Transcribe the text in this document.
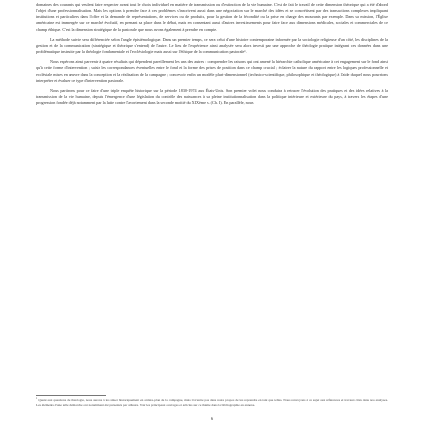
domaines des courants qui veulent faire respecter avant tout le choix individuel en matière de transmission ou d'extinction de la vie humaine. C'est de fait le travail de cette dimension théorique qui a été d'abord l'objet d'une professionnalisation. Mais les options à prendre face à ces problèmes s'inscrivent aussi dans une négociation sur le marché des idées et se concrétisent par des transactions complexes impliquant institutions et particuliers dans l'offre et la demande de représentations, de services ou de produits, pour la gestion de la fécondité ou la prise en charge des mourants par exemple. Dans sa mission, l'Église américaine est immergée sur ce marché évolutif, en prenant sa place dans le débat, mais en consentant aussi d'autres investissements pour faire face aux dimensions médicales, sociales et commerciales de ce champ éthique. C'est la dimension stratégique de la pastorale que nous avons également à prendre en compte.

La méthode suivie sera différenciée selon l'angle épistémologique. Dans un premier temps, ce sera celui d'une histoire contemporaine informée par la sociologie religieuse d'un côté, les disciplines de la gestion et de la communication (stratégique et théorique s'entend) de l'autre. Le lieu de l'expérience ainsi analysée sera alors investi par une approche de théologie pratique intégrant ces données dans une problématique instruite par la théologie fondamentale et l'ecclésiologie mais aussi sur l'éthique de la communication pastorale¹.

Nous espérons ainsi parvenir à quatre résultats qui dépendent pareillement les uns des autres : comprendre les raisons qui ont amené la hiérarchie catholique américaine à cet engagement sur le fond ainsi qu'à cette forme d'intervention ; saisir les correspondances éventuelles entre le fond et la forme des prises de position dans ce champ crucial ; éclairer la nature du rapport entre les logiques professionnelle et ecclésiale mises en œuvre dans la conception et la réalisation de la campagne ; concevoir enfin un modèle pluri-dimensionnel (technico-scientifique, philosophique et théologique) à l'aide duquel nous pourrions interpréter et évaluer ce type d'intervention pastorale.

Nous partirons pour ce faire d'une triple enquête historique sur la période 1830-1974 aux États-Unis. Son premier volet nous conduira à retracer l'évolution des pratiques et des idées relatives à la transmission de la vie humaine, depuis l'émergence d'une législation du contrôle des naissances à sa pleine institutionnalisation dans la politique intérieure et extérieure du pays, à travers les étapes d'une progression fondée déjà notamment par la lutte contre l'avortement dans la seconde moitié du XIXème s. (Ch. I). En parallèle, nous

$^1$ Quant aux questions de théologie, nous aurons à les situer historiquement en arrière-plan de la campagne, mais il n'entre pas dans notre propos de les reprendre en tant que telles. Nous renvoyons à ce sujet aux références et travaux cités dans nos analyses. Les éléments d'une telle démarche ont notamment été présentés par ailleurs. Voir les principaux ouvrages et articles sur ce thème dans la bibliographie en annexe.

6
